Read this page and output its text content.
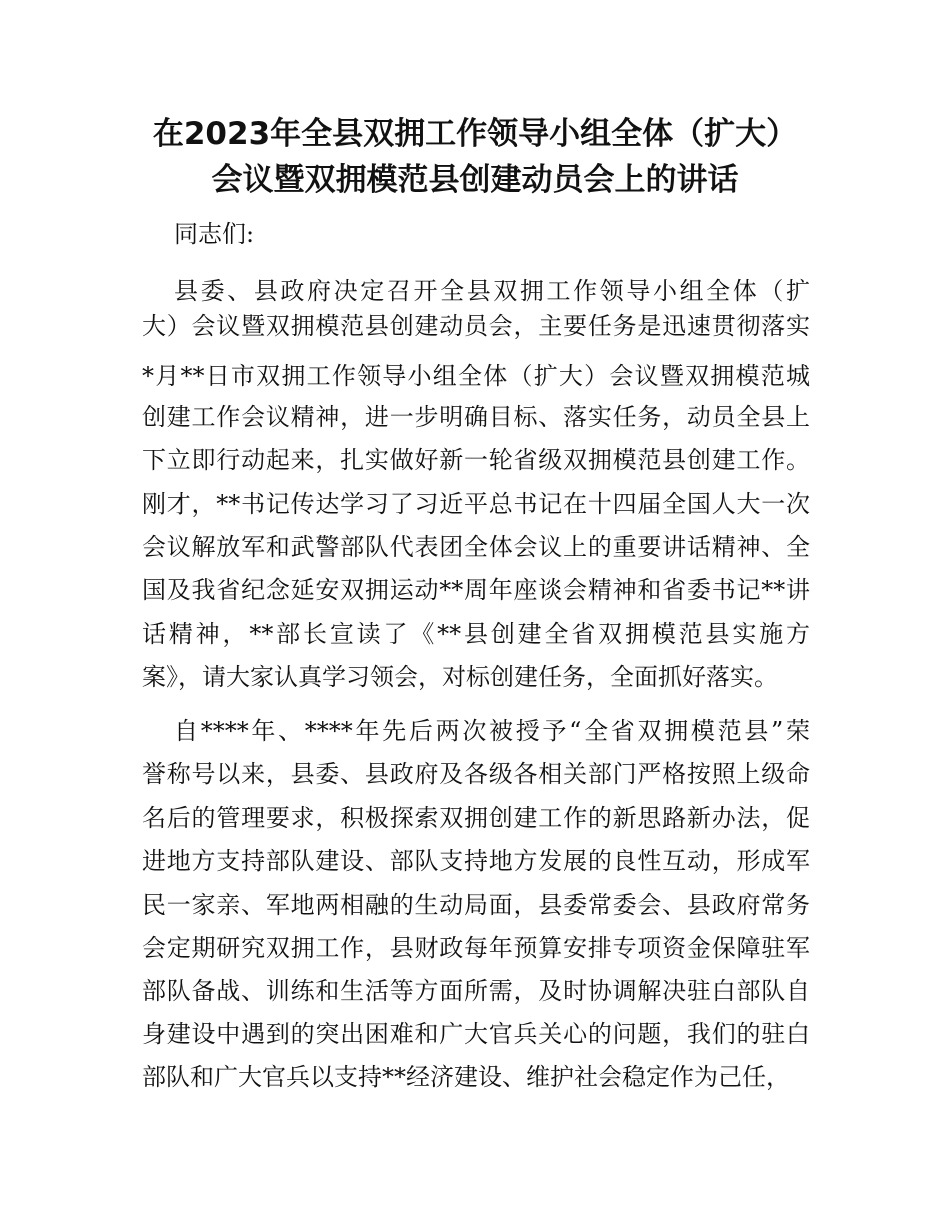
在2023年全县双拥工作领导小组全体（扩大）
会议暨双拥模范县创建动员会上的讲话
同志们:
县委、县政府决定召开全县双拥工作领导小组全体（扩
大）会议暨双拥模范县创建动员会，主要任务是迅速贯彻落实
*月**日市双拥工作领导小组全体（扩大）会议暨双拥模范城
创建工作会议精神，进一步明确目标、落实任务，动员全县上
下立即行动起来，扎实做好新一轮省级双拥模范县创建工作。
刚才，**书记传达学习了习近平总书记在十四届全国人大一次
会议解放军和武警部队代表团全体会议上的重要讲话精神、全
国及我省纪念延安双拥运动**周年座谈会精神和省委书记**讲
话精神，**部长宣读了《**县创建全省双拥模范县实施方
案》，请大家认真学习领会，对标创建任务，全面抓好落实。
自****年、****年先后两次被授予“全省双拥模范县”荣
誉称号以来，县委、县政府及各级各相关部门严格按照上级命
名后的管理要求，积极探索双拥创建工作的新思路新办法，促
进地方支持部队建设、部队支持地方发展的良性互动，形成军
民一家亲、军地两相融的生动局面，县委常委会、县政府常务
会定期研究双拥工作，县财政每年预算安排专项资金保障驻军
部队备战、训练和生活等方面所需，及时协调解决驻白部队自
身建设中遇到的突出困难和广大官兵关心的问题，我们的驻白
部队和广大官兵以支持**经济建设、维护社会稳定作为己任，
